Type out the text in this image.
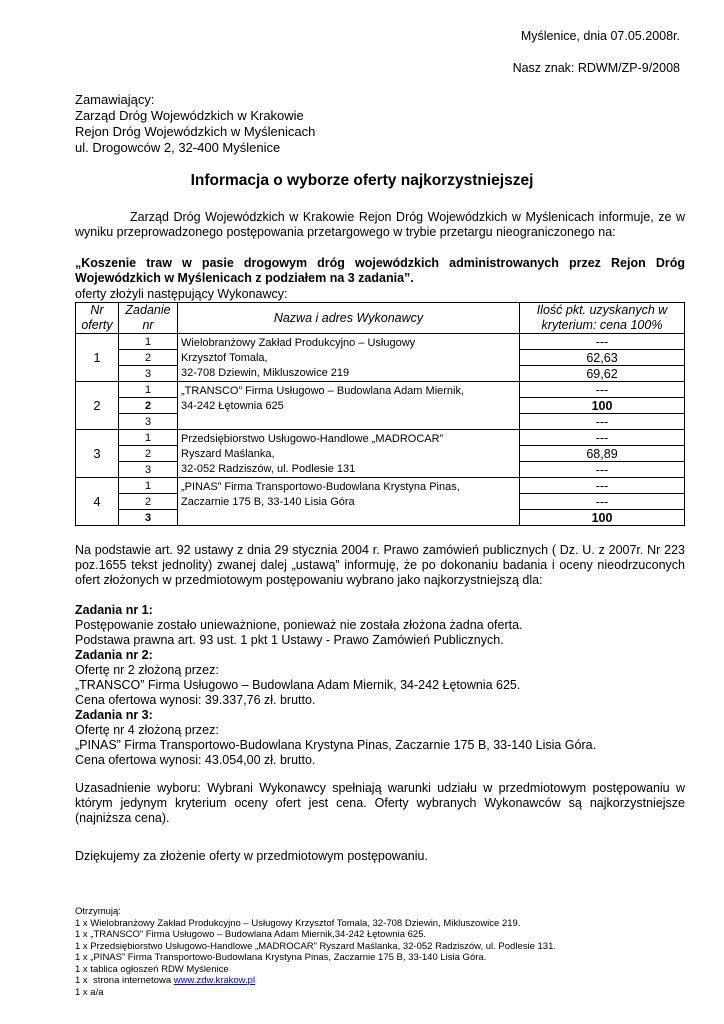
Myślenice, dnia 07.05.2008r.
Nasz znak: RDWM/ZP-9/2008
Zamawiający:
Zarząd Dróg Wojewódzkich w Krakowie
Rejon Dróg Wojewódzkich w Myślenicach
ul. Drogowców 2, 32-400 Myślenice
Informacja o wyborze oferty najkorzystniejszej
Zarząd Dróg Wojewódzkich w Krakowie Rejon Dróg Wojewódzkich w Myślenicach informuje, ze w wyniku przeprowadzonego postępowania przetargowego w trybie przetargu nieograniczonego na:
„Koszenie traw w pasie drogowym dróg wojewódzkich administrowanych przez Rejon Dróg Wojewódzkich w Myślenicach z podziałem na 3 zadania”.
oferty złożyli następujący Wykonawcy:
Nr oferty	Zadanie nr	Nazwa i adres Wykonawcy	Ilość pkt. uzyskanych w kryterium: cena 100%
1	1	Wielobranżowy Zakład Produkcyjno – Usługowy
Krzysztof Tomala,
32-708 Dziewin, Mikluszowice 219	---
	2		62,63
	3		69,62
2	1	„TRANSCO” Firma Usługowo – Budowlana Adam Miernik,
34-242 Łętownia 625	---
	2		100
	3		---
3	1	Przedsiębiorstwo Usługowo-Handlowe „MADROCAR”
Ryszard Maślanka,
32-052 Radziszów, ul. Podlesie 131	---
	2		68,89
	3		---
4	1	„PINAS” Firma Transportowo-Budowlana Krystyna Pinas,
Zaczarnie 175 B, 33-140 Lisia Góra	---
	2		---
	3		100
Na podstawie art. 92 ustawy z dnia 29 stycznia 2004 r. Prawo zamówień publicznych ( Dz. U. z 2007r. Nr 223 poz.1655 tekst jednolity) zwanej dalej „ustawą” informuję, że po dokonaniu badania i oceny nieodrzuconych ofert złożonych w przedmiotowym postępowaniu wybrano jako najkorzystniejszą dla:
Zadania nr 1:
Postępowanie zostało unieważnione, ponieważ nie została złożona żadna oferta.
Podstawa prawna art. 93 ust. 1 pkt 1 Ustawy - Prawo Zamówień Publicznych.
Zadania nr 2:
Ofertę nr 2 złożoną przez:
„TRANSCO” Firma Usługowo – Budowlana Adam Miernik, 34-242 Łętownia 625.
Cena ofertowa wynosi: 39.337,76 zł. brutto.
Zadania nr 3:
Ofertę nr 4 złożoną przez:
„PINAS” Firma Transportowo-Budowlana Krystyna Pinas, Zaczarnie 175 B, 33-140 Lisia Góra.
Cena ofertowa wynosi: 43.054,00 zł. brutto.
Uzasadnienie wyboru: Wybrani Wykonawcy spełniają warunki udziału w przedmiotowym postępowaniu w którym jedynym kryterium oceny ofert jest cena. Oferty wybranych Wykonawców są najkorzystniejsze (najniższa cena).
Dziękujemy za złożenie oferty w przedmiotowym postępowaniu.
Otrzymują:
1 x Wielobranżowy Zakład Produkcyjno – Usługowy Krzysztof Tomala, 32-708 Dziewin, Mikluszowice 219.
1 x „TRANSCO” Firma Usługowo – Budowlana Adam Miernik,34-242 Łętownia 625.
1 x Przedsiębiorstwo Usługowo-Handlowe „MADROCAR” Ryszard Maślanka, 32-052 Radziszów, ul. Podlesie 131.
1 x „PINAS” Firma Transportowo-Budowlana Krystyna Pinas, Zaczarnie 175 B, 33-140 Lisia Góra.
1 x tablica ogłoszeń RDW Myślenice
1 x  strona internetowa www.zdw.krakow.pl
1 x a/a
